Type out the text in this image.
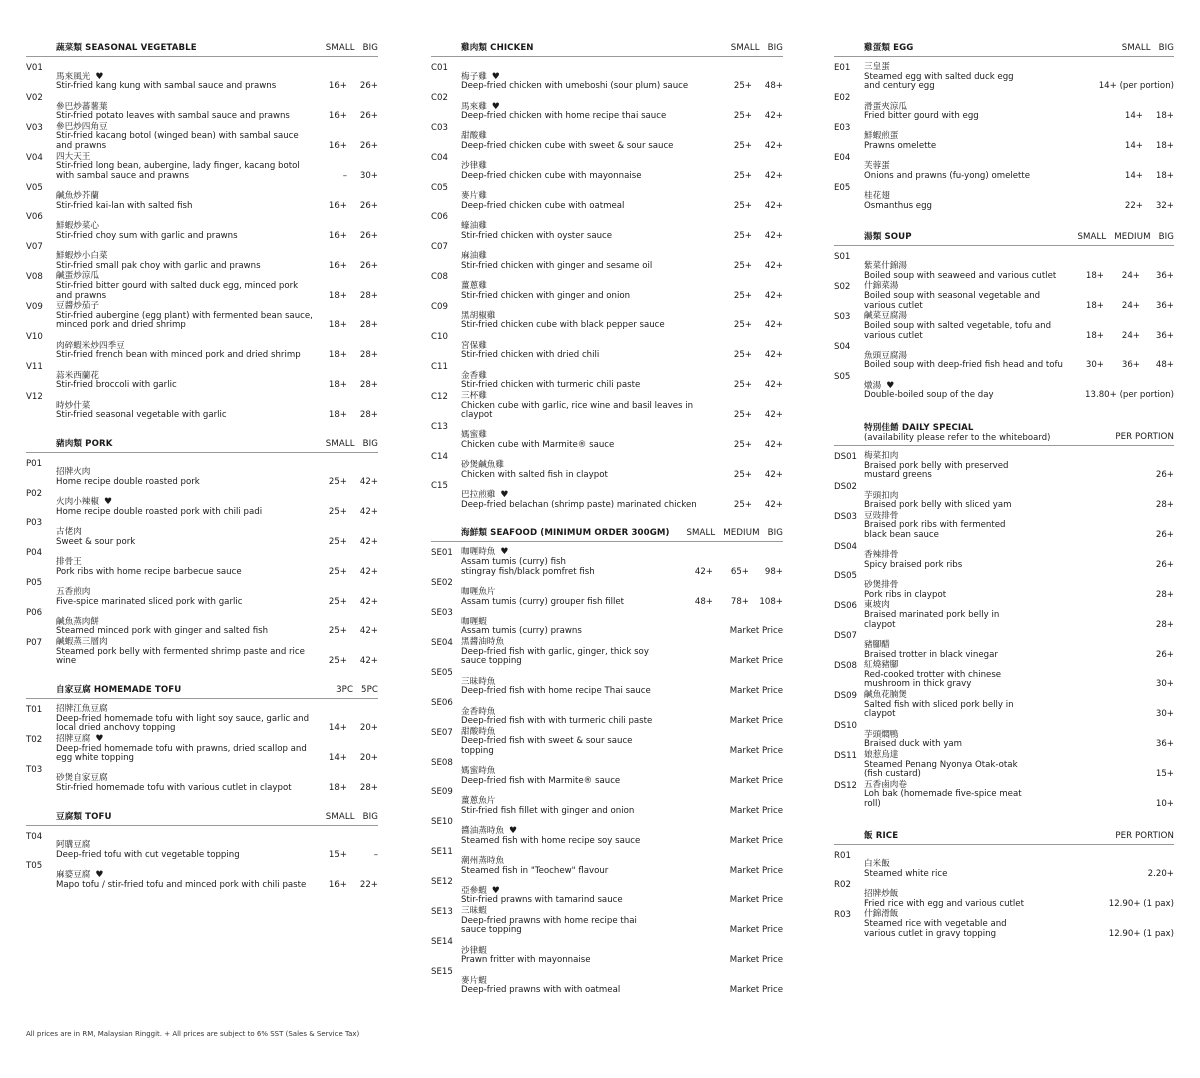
蔬菜類 SEASONAL VEGETABLE	SMALL BIG
V01
馬來風光 ♥
Stir-fried kang kung with sambal sauce and prawns	16+	26+
V02
參巴炒蕃薯葉
Stir-fried potato leaves with sambal sauce and prawns	16+	26+
V03	參巴炒四角豆
Stir-fried kacang botol (winged bean) with sambal sauce and prawns	16+	26+
V04	四大天王
Stir-fried long bean, aubergine, lady finger, kacang botol with sambal sauce and prawns	–	30+
V05
鹹魚炒芥蘭
Stir-fried kai-lan with salted fish	16+	26+
V06
鮮蝦炒菜心
Stir-fried choy sum with garlic and prawns	16+	26+
V07
鮮蝦炒小白菜
Stir-fried small pak choy with garlic and prawns	16+	26+
V08	鹹蛋炒涼瓜
Stir-fried bitter gourd with salted duck egg, minced pork and prawns	18+	28+
V09	豆醬炒茄子
Stir-fried aubergine (egg plant) with fermented bean sauce, minced pork and dried shrimp	18+	28+
V10
肉碎蝦米炒四季豆
Stir-fried french bean with minced pork and dried shrimp	18+	28+
V11
蒜米西蘭花
Stir-fried broccoli with garlic	18+	28+
V12
時炒什菜
Stir-fried seasonal vegetable with garlic	18+	28+
豬肉類 PORK	SMALL BIG
P01
招牌火肉
Home recipe double roasted pork	25+	42+
P02
火肉小辣椒 ♥
Home recipe double roasted pork with chili padi	25+	42+
P03
古佬肉
Sweet & sour pork	25+	42+
P04
排骨王
Pork ribs with home recipe barbecue sauce	25+	42+
P05
五香煎肉
Five-spice marinated sliced pork with garlic	25+	42+
P06
鹹魚蒸肉餅
Steamed minced pork with ginger and salted fish	25+	42+
P07	鹹蝦蒸三層肉
Steamed pork belly with fermented shrimp paste and rice wine	25+	42+
自家豆腐 HOMEMADE TOFU	3PC 5PC
T01	招牌江魚豆腐
Deep-fried homemade tofu with light soy sauce, garlic and local dried anchovy topping	14+	20+
T02	招牌豆腐 ♥
Deep-fried homemade tofu with prawns, dried scallop and egg white topping	14+	20+
T03
砂煲自家豆腐
Stir-fried homemade tofu with various cutlet in claypot	18+	28+
豆腐類 TOFU	SMALL BIG
T04
阿購豆腐
Deep-fried tofu with cut vegetable topping	15+	–
T05
麻婆豆腐 ♥
Mapo tofu / stir-fried tofu and minced pork with chili paste	16+	22+
雞肉類 CHICKEN	SMALL BIG
C01
梅子雞 ♥
Deep-fried chicken with umeboshi (sour plum) sauce	25+	48+
C02
馬來雞 ♥
Deep-fried chicken with home recipe thai sauce	25+	42+
C03
甜酸雞
Deep-fried chicken cube with sweet & sour sauce	25+	42+
C04
沙律雞
Deep-fried chicken cube with mayonnaise	25+	42+
C05
麥片雞
Deep-fried chicken cube with oatmeal	25+	42+
C06
蠔油雞
Stir-fried chicken with oyster sauce	25+	42+
C07
麻油雞
Stir-fried chicken with ginger and sesame oil	25+	42+
C08
薑蔥雞
Stir-fried chicken with ginger and onion	25+	42+
C09
黑胡椒雞
Stir-fried chicken cube with black pepper sauce	25+	42+
C10
宮保雞
Stir-fried chicken with dried chili	25+	42+
C11
金香雞
Stir-fried chicken with turmeric chili paste	25+	42+
C12	三杯雞
Chicken cube with garlic, rice wine and basil leaves in claypot	25+	42+
C13
媽蜜雞
Chicken cube with Marmite® sauce	25+	42+
C14
砂煲鹹魚雞
Chicken with salted fish in claypot	25+	42+
C15
巴拉煎雞 ♥
Deep-fried belachan (shrimp paste) marinated chicken	25+	42+
海鮮類 SEAFOOD (MINIMUM ORDER 300GM) SMALL MEDIUM BIG
SE01 咖喱時魚 ♥
Assam tumis (curry) fish
stingray fish/black pomfret fish	42+	65+	98+
SE02
咖喱魚片
Assam tumis (curry) grouper fish fillet	48+	78+	108+
SE03
咖喱蝦
Assam tumis (curry) prawns	Market Price
SE04 黑醬油時魚
Deep-fried fish with garlic, ginger, thick soy sauce topping	Market Price
SE05
三昧時魚
Deep-fried fish with home recipe Thai sauce	Market Price
SE06
金香時魚
Deep-fried fish with with turmeric chili paste	Market Price
SE07 甜酸時魚
Deep-fried fish with sweet & sour sauce topping	Market Price
SE08
媽蜜時魚
Deep-fried fish with Marmite® sauce	Market Price
SE09
薑蔥魚片
Stir-fried fish fillet with ginger and onion	Market Price
SE10
醬油蒸時魚 ♥
Steamed fish with home recipe soy sauce	Market Price
SE11
潮州蒸時魚
Steamed fish in "Teochew" flavour	Market Price
SE12
亞參蝦 ♥
Stir-fried prawns with tamarind sauce	Market Price
SE13 三昧蝦
Deep-fried prawns with home recipe thai sauce topping	Market Price
SE14
沙律蝦
Prawn fritter with mayonnaise	Market Price
SE15
麥片蝦
Deep-fried prawns with with oatmeal	Market Price
雞蛋類 EGG	SMALL BIG
E01	三皇蛋
Steamed egg with salted duck egg
and century egg	14+ (per portion)
E02
滑蛋夾涼瓜
Fried bitter gourd with egg	14+	18+
E03
鮮蝦煎蛋
Prawns omelette	14+	18+
E04
芙蓉蛋
Onions and prawns (fu-yong) omelette	14+	18+
E05
桂花翅
Osmanthus egg	22+	32+
湯類 SOUP	SMALL MEDIUM BIG
S01
紫菜什錦湯
Boiled soup with seaweed and various cutlet	18+	24+	36+
S02	什錦菜湯
Boiled soup with seasonal vegetable and various cutlet	18+	24+	36+
S03	鹹菜豆腐湯
Boiled soup with salted vegetable, tofu and various cutlet	18+	24+	36+
S04
魚頭豆腐湯
Boiled soup with deep-fried fish head and tofu	30+	36+	48+
S05
燉湯 ♥
Double-boiled soup of the day	13.80+ (per portion)
特別佳餚 DAILY SPECIAL
(availability please refer to the whiteboard)	PER PORTION
DS01 梅菜扣肉
Braised pork belly with preserved mustard greens	26+
DS02
芋頭扣肉
Braised pork belly with sliced yam	28+
DS03 豆豉排骨
Braised pork ribs with fermented black bean sauce	26+
DS04
香辣排骨
Spicy braised pork ribs	26+
DS05
砂煲排骨
Pork ribs in claypot	28+
DS06 東坡肉
Braised marinated pork belly in claypot	28+
DS07
豬腳醋
Braised trotter in black vinegar	26+
DS08 紅燒豬腳
Red-cooked trotter with chinese mushroom in thick gravy	30+
DS09 鹹魚花腩煲
Salted fish with sliced pork belly in claypot	30+
DS10
芋頭燜鴨
Braised duck with yam	36+
DS11 娘惹烏達
Steamed Penang Nyonya Otak-otak (fish custard)	15+
DS12 五香鹵肉卷
Loh bak (homemade five-spice meat roll)	10+
飯 RICE	PER PORTION
R01
白米飯
Steamed white rice	2.20+
R02
招牌炒飯
Fried rice with egg and various cutlet	12.90+ (1 pax)
R03	什錦滑飯
Steamed rice with vegetable and various cutlet in gravy topping	12.90+ (1 pax)
All prices are in RM, Malaysian Ringgit. + All prices are subject to 6% SST (Sales & Service Tax)
